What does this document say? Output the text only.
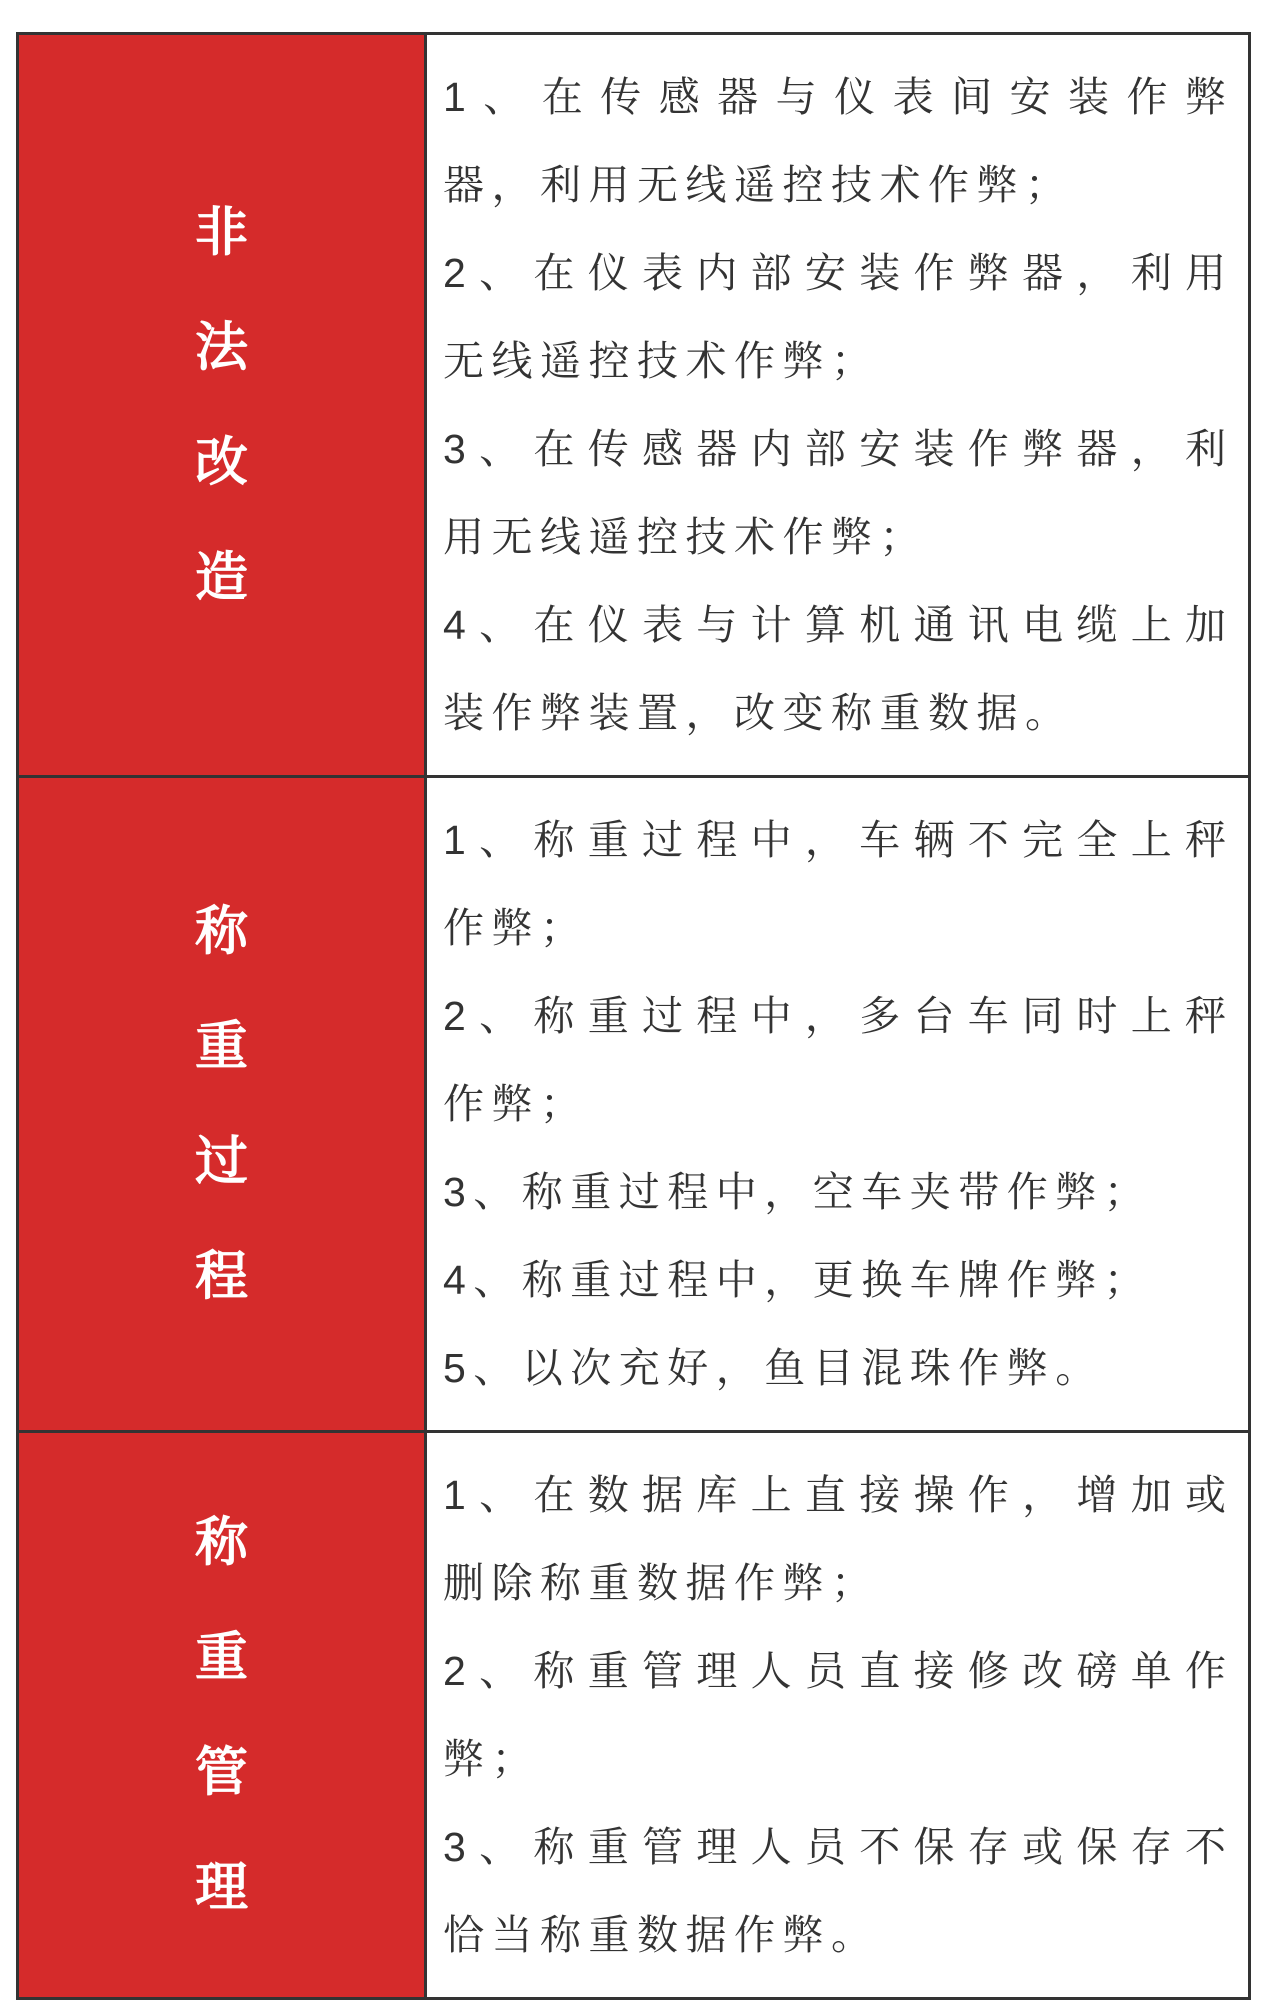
非法改造
1、在传感器与仪表间安装作弊
器，利用无线遥控技术作弊；
2、在仪表内部安装作弊器，利用
无线遥控技术作弊；
3、在传感器内部安装作弊器，利
用无线遥控技术作弊；
4、在仪表与计算机通讯电缆上加
装作弊装置，改变称重数据。
称重过程
1、称重过程中，车辆不完全上秤
作弊；
2、称重过程中，多台车同时上秤
作弊；
3、称重过程中，空车夹带作弊；
4、称重过程中，更换车牌作弊；
5、以次充好，鱼目混珠作弊。
称重管理
1、在数据库上直接操作，增加或
删除称重数据作弊；
2、称重管理人员直接修改磅单作
弊；
3、称重管理人员不保存或保存不
恰当称重数据作弊。
